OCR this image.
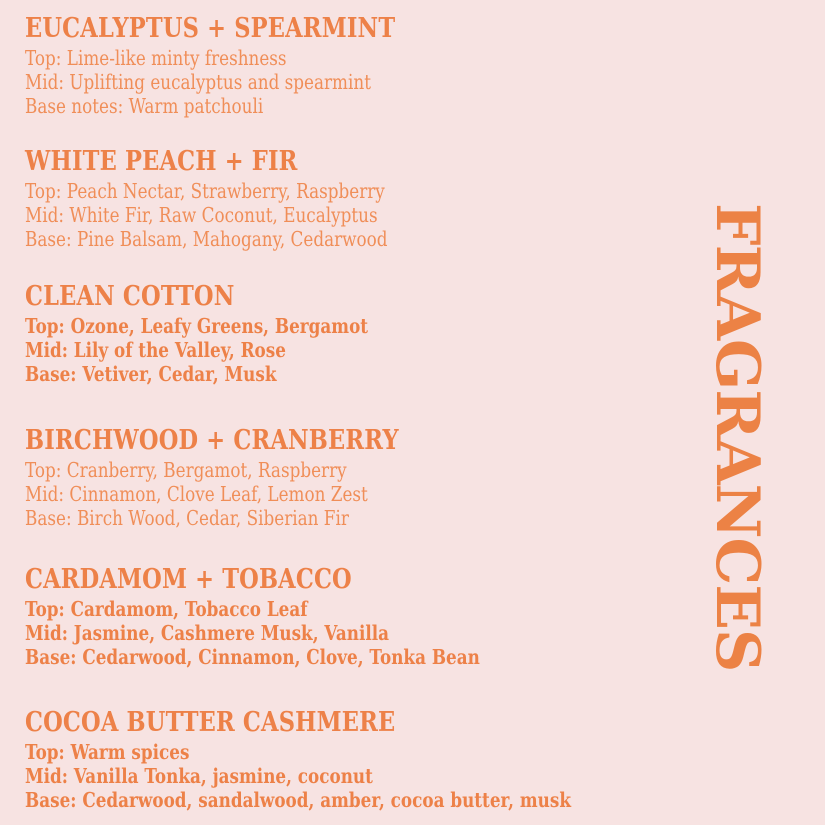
EUCALYPTUS + SPEARMINT

Top: Lime-like minty freshness

Mid: Uplifting eucalyptus and spearmint

Base notes: Warm patchouli

WHITE PEACH + FIR

Top: Peach Nectar, Strawberry, Raspberry

Mid: White Fir, Raw Coconut, Eucalyptus

Base: Pine Balsam, Mahogany, Cedarwood

CLEAN COTTON

Top: Ozone, Leafy Greens, Bergamot

Mid: Lily of the Valley, Rose

Base: Vetiver, Cedar, Musk

BIRCHWOOD + CRANBERRY

Top: Cranberry, Bergamot, Raspberry

Mid: Cinnamon, Clove Leaf, Lemon Zest

Base: Birch Wood, Cedar, Siberian Fir

CARDAMOM + TOBACCO

Top: Cardamom, Tobacco Leaf

Mid: Jasmine, Cashmere Musk, Vanilla

Base: Cedarwood, Cinnamon, Clove, Tonka Bean

COCOA BUTTER CASHMERE

Top: Warm spices

Mid: Vanilla Tonka, jasmine, coconut

Base: Cedarwood, sandalwood, amber, cocoa butter, musk

FRAGRANCES
